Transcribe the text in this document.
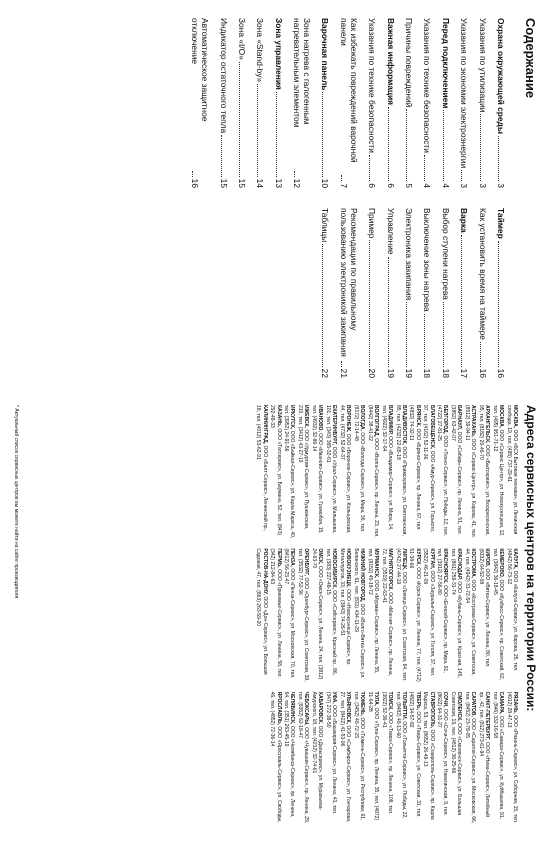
Содержание
Охрана окружающей среды
3
Указания по утилизации
3
Указания по экономии электроэнергии
3
Перед подключением
4
Указания по технике безопасности
4
Причины повреждений
5
Важная информация
6
Указания по технике безопасности
6
Как избежать повреждений варочной панели
7
Варочная панель
10
Зона нагрева с галогенным нагревательным элементом
12
Зона управления
13
Зона «Stand-by»
14
Зона «I/O»
15
Индикатор остаточного тепла
15
Автоматическое защитное отключение
16
Таймер
16
Как установить время на таймере
16
Варка
17
Выбор ступени нагрева
18
Выключение зоны нагрева
18
Электроника закипания
19
Управление
19
Пример
20
Рекомендации по правильному пользованию электроникой закипания
21
Таблицы
22
Адреса сервисных центров на территории России:
МОСКВА, ООО «БСХ Бытовая техника», ул. Ленинская слобода, 19, тел. (495) 737-29-61
МОСКВА, ООО «Сервис Центр», ул. Новокузнецкая, 12, тел. (495) 951-71-12
АРХАНГЕЛЬСК, ООО «Бытсервис», ул. Воскресенская, 95, тел. (8182) 20-46-70
АСТРАХАНЬ, ООО «Сервис-Центр», ул. Кирова, 41, тел. (8512) 39-94-11
БАРНАУЛ, ООО «Сибирь-Сервис», пр. Ленина, 51, тел. (3852) 63-42-07
БЕЛГОРОД, ООО «Техно-Сервис», ул. Победы, 12, тел. (4722) 27-81-25
БЛАГОВЕЩЕНСК, ООО «Амур-Сервис», ул. Горького, 97, тел. (4162) 52-11-36
БРЯНСК, ООО «Брянск-Сервис», пр. Ленина, 67, тел. (4832) 74-32-11
ВЛАДИВОСТОК, ООО «Примсервис», ул. Светланская, 85, тел. (4232) 22-65-18
ВЛАДИМИР, ООО «Владимир-Сервис», ул. Мира, 14, тел. (4922) 32-17-64
ВОЛГОГРАД, ООО «Волга-Сервис», пр. Ленина, 23, тел. (8442) 38-41-22
ВОЛОГДА, ООО «Вологда-Сервис», ул. Мира, 36, тел. (8172) 72-14-48
ВОРОНЕЖ, ООО «Воронеж-Сервис», ул. Кольцовская, 44, тел. (4732) 52-64-37
ЕКАТЕРИНБУРГ, ООО «Урал-Сервис», ул. Малышева, 101, тел. (343) 365-32-61
ИВАНОВО, ООО «Иваново-Сервис», ул. Громобоя, 15, тел. (4932) 32-86-14
ИЖЕВСК, ООО «Удмуртия-Сервис», ул. Пушкинская, 210, тел. (3412) 43-27-19
ИРКУТСК, ООО «Байкал-Сервис», ул. Карла Маркса, 40, тел. (3952) 24-91-56
КАЗАНЬ, ООО «Татсервис», ул. Баумана, 52, тел. (843) 292-48-33
КАЛИНИНГРАД, ООО «Балт-Сервис», Ленинский пр., 18, тел. (4012) 53-62-91
КАЛУГА, ООО «Калуга-Сервис», ул. Кирова, 25, тел. (4842) 56-73-12
КЕМЕРОВО, ООО «Кузбасс-Сервис», пр. Советский, 62, тел. (3842) 36-18-45
КИРОВ, ООО «Вятка-Сервис», ул. Ленина, 80, тел. (8332) 64-52-08
КОСТРОМА, ООО «Кострома-Сервис», ул. Советская, 44, тел. (4942) 31-72-54
КРАСНОДАР, ООО «Кубань-Сервис», ул. Красная, 145, тел. (861) 259-31-74
КРАСНОЯРСК, ООО «Енисей-Сервис», пр. Мира, 91, тел. (3912) 27-56-80
КУРГАН, ООО «Зауралье-Сервис», ул. Гоголя, 37, тел. (3522) 46-21-09
КУРСК, ООО «Курск-Сервис», ул. Ленина, 77, тел. (4712) 51-38-66
ЛИПЕЦК, ООО «Липецк-Сервис», ул. Советская, 64, тел. (4742) 27-44-19
МАГНИТОГОРСК, ООО «Магнит-Сервис», пр. Ленина, 72, тел. (3519) 22-63-41
МУРМАНСК, ООО «Мурман-Сервис», пр. Ленина, 55, тел. (8152) 45-18-72
НИЖНИЙ НОВГОРОД, ООО «Волго-Вятка Сервис», ул. Белинского, 61, тел. (831) 434-11-29
НОВОКУЗНЕЦК, ООО «Новокузнецк-Сервис», пр. Металлургов, 33, тел. (3843) 74-26-51
НОВОСИБИРСК, ООО «Сибсервис», Красный пр., 86, тел. (383) 227-48-15
ОМСК, ООО «Омск-Сервис», ул. Ленина, 24, тел. (3812) 24-63-70
ОРЕНБУРГ, ООО «Оренбург-Сервис», ул. Советская, 39, тел. (3532) 77-52-36
ПЕНЗА, ООО «Пенза-Сервис», ул. Московская, 70, тел. (8412) 56-23-47
ПЕРМЬ, ООО «Прикамье-Сервис», ул. Ленина, 58, тел. (342) 212-84-63
РОСТОВ-НА-ДОНУ, ООО «Дон-Сервис», ул. Большая Садовая, 47, тел. (863) 263-59-20
РЯЗАНЬ, ООО «Рязань-Сервис», ул. Соборная, 15, тел. (4912) 28-47-13
САМАРА, ООО «Самара-Сервис», ул. Куйбышева, 91, тел. (846) 332-16-58
САНКТ-ПЕТЕРБУРГ, ООО «Нева-Сервис», Литейный пр., 42, тел. (812) 273-61-94
САРАТОВ, ООО «Саратов-Сервис», ул. Московская, 66, тел. (8452) 23-78-05
СМОЛЕНСК, ООО «Смоленск-Сервис», ул. Большая Советская, 19, тел. (4812) 38-25-66
СОЧИ, ООО «Сочи-Сервис», ул. Навагинская, 9, тел. (8622) 64-31-27
СТАВРОПОЛЬ, ООО «Ставрополь-Сервис», пр. Карла Маркса, 53, тел. (8652) 26-49-13
ТВЕРЬ, ООО «Тверь-Сервис», ул. Советская, 31, тел. (4822) 34-57-82
ТОЛЬЯТТИ, ООО «Тольятти-Сервис», ул. Победы, 22, тел. (8482) 48-13-60
ТОМСК, ООО «Томск-Сервис», пр. Ленина, 108, тел. (3822) 52-36-41
ТУЛА, ООО «Тула-Сервис», пр. Ленина, 35, тел. (4872) 31-64-28
ТЮМЕНЬ, ООО «Тюмень-Сервис», ул. Республики, 61, тел. (3452) 46-72-15
УЛЬЯНОВСК, ООО «Симбирск-Сервис», ул. Гончарова, 27, тел. (8422) 41-53-96
УФА, ООО «Башкирия-Сервис», ул. Ленина, 43, тел. (347) 272-38-50
ХАБАРОВСК, ООО «Дальсервис», ул. Муравьева-Амурского, 18, тел. (4212) 32-74-61
ЧЕБОКСАРЫ, ООО «Чувашия-Сервис», пр. Ленина, 29, тел. (8352) 62-18-47
ЧЕЛЯБИНСК, ООО «Челябинск-Сервис», пр. Ленина, 64, тел. (351) 263-45-19
ЯРОСЛАВЛЬ, ООО «Ярославль-Сервис», ул. Свободы, 46, тел. (4852) 72-36-14
* Актуальный список сервисных центров вы можете найти на сайте производителя
